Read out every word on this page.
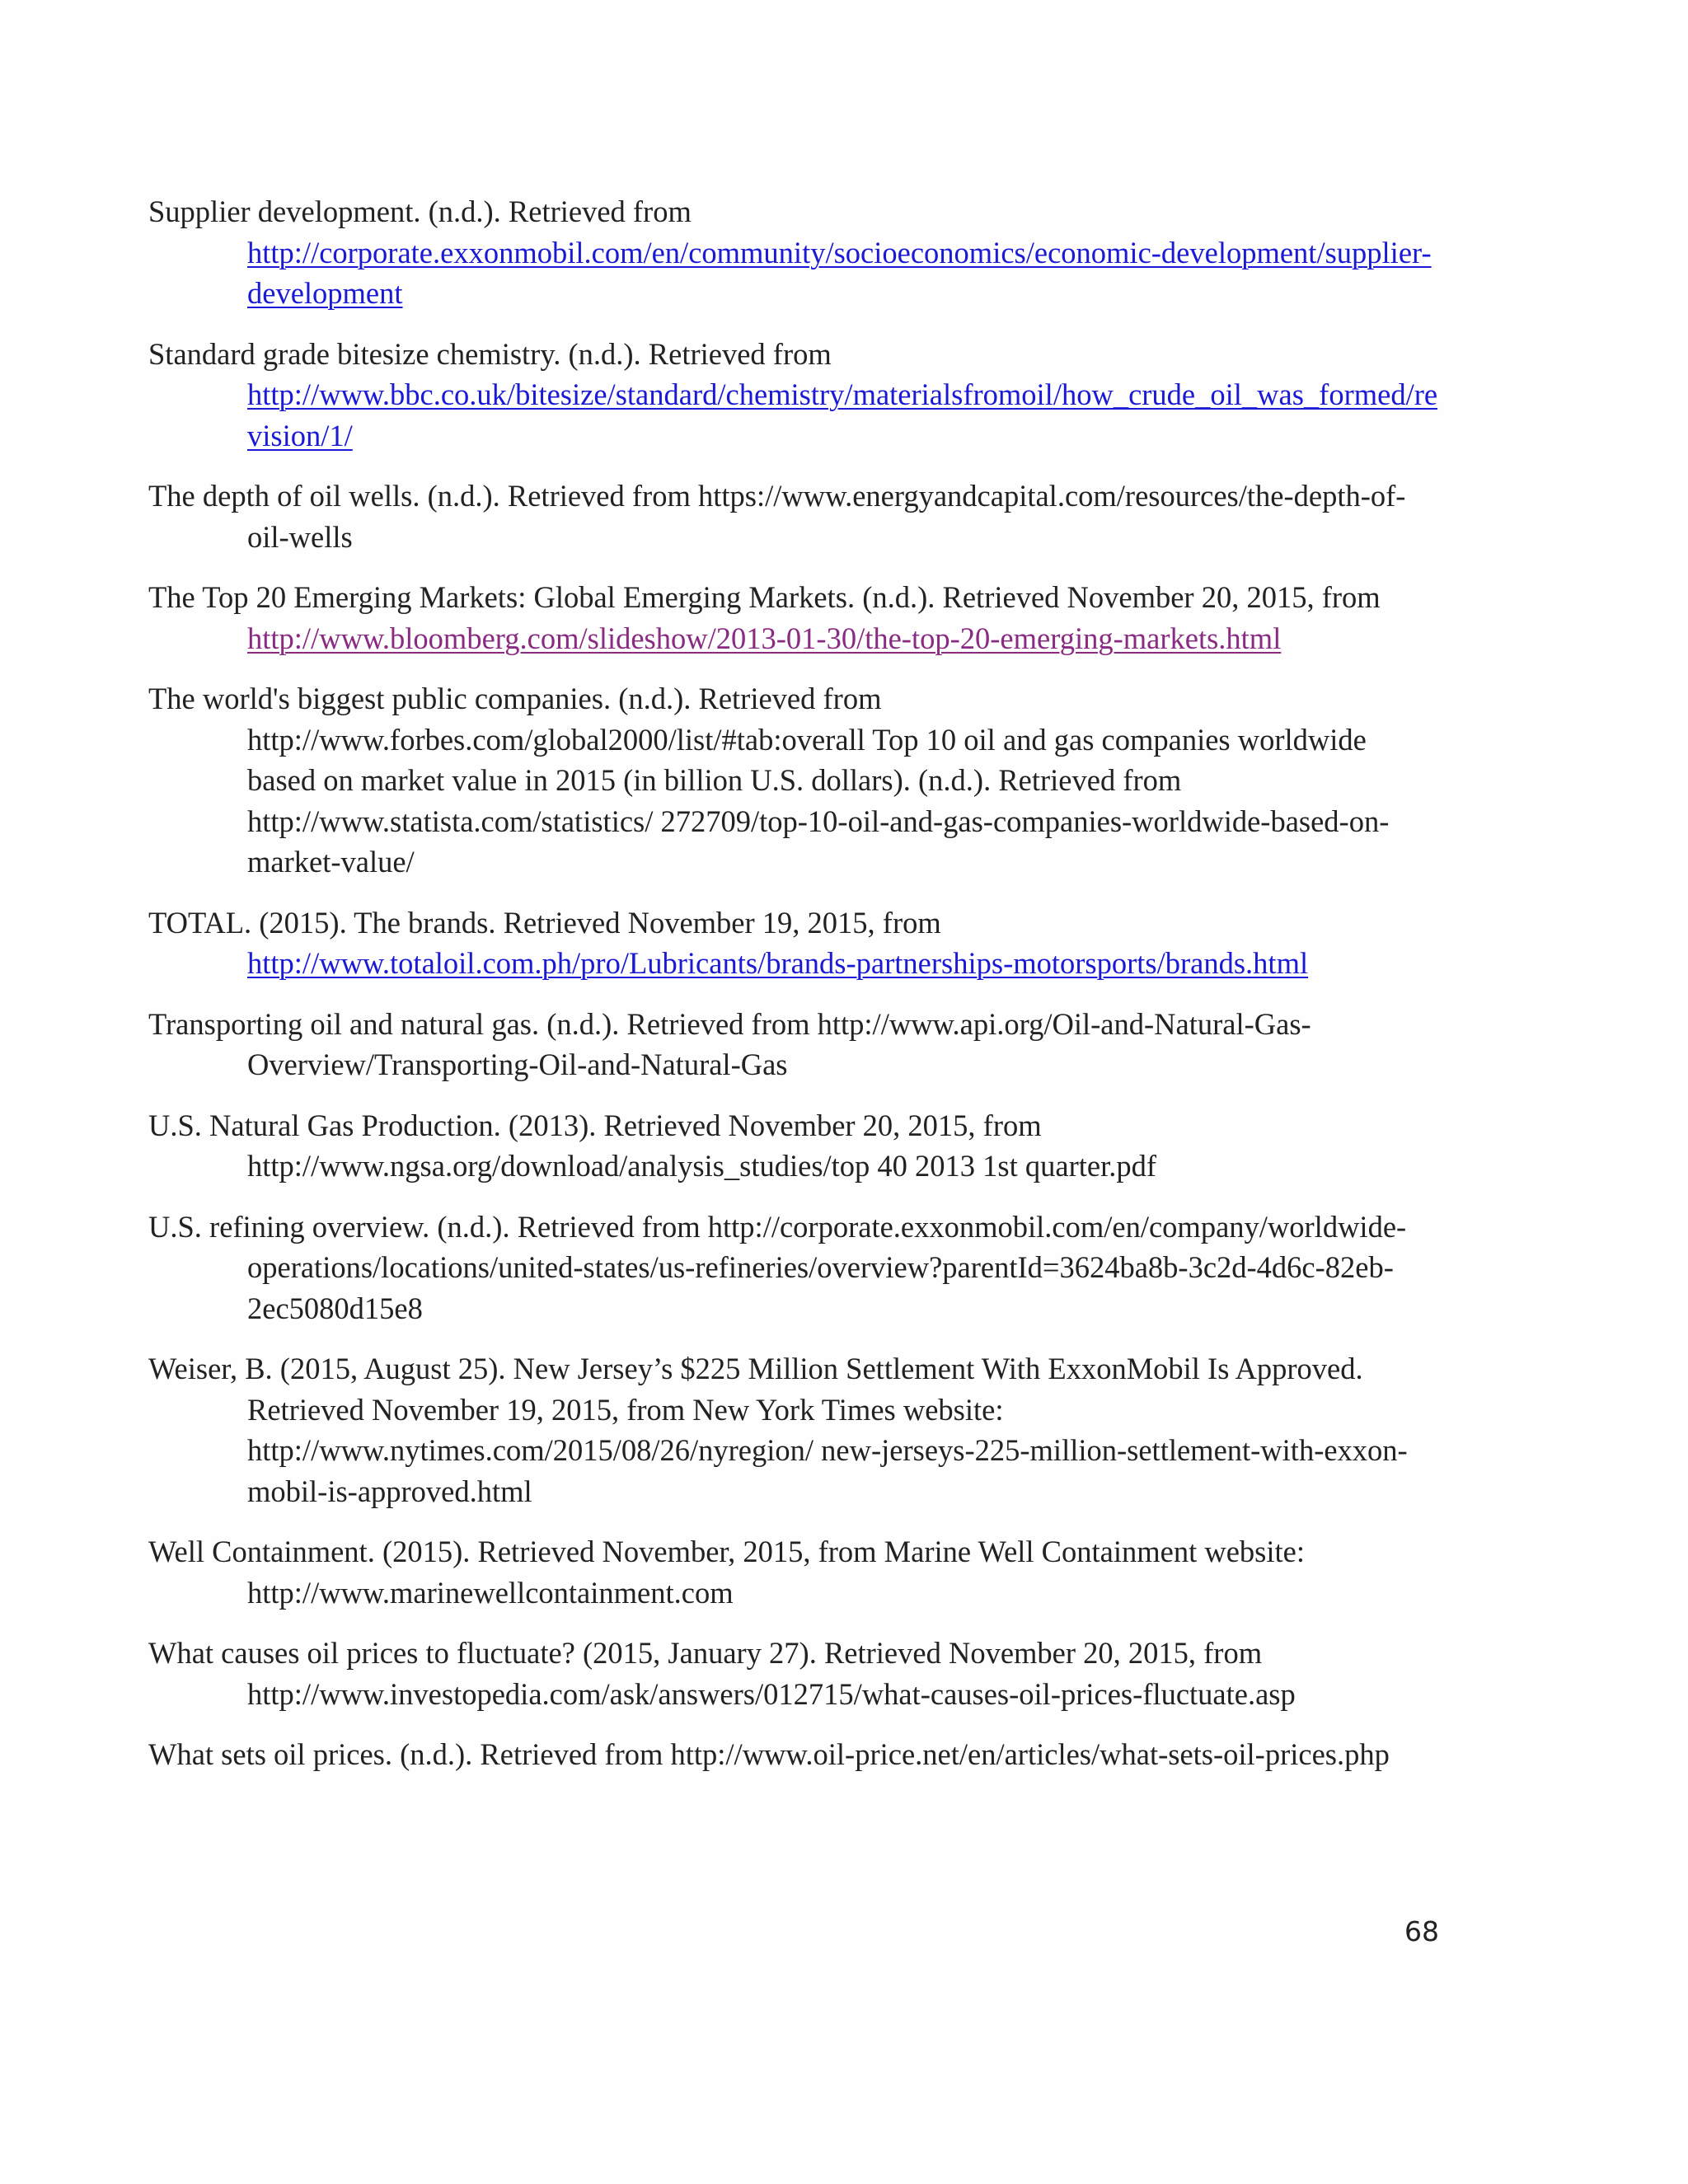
Supplier development. (n.d.). Retrieved from http://corporate.exxonmobil.com/en/community/socioeconomics/economic-development/supplier-development

Standard grade bitesize chemistry. (n.d.). Retrieved from http://www.bbc.co.uk/bitesize/standard/chemistry/materialsfromoil/how_crude_oil_was_formed/revision/1/

The depth of oil wells. (n.d.). Retrieved from https://www.energyandcapital.com/resources/the-depth-of-oil-wells

The Top 20 Emerging Markets: Global Emerging Markets. (n.d.). Retrieved November 20, 2015, from http://www.bloomberg.com/slideshow/2013-01-30/the-top-20-emerging-markets.html

The world's biggest public companies. (n.d.). Retrieved from http://www.forbes.com/global2000/list/#tab:overall Top 10 oil and gas companies worldwide based on market value in 2015 (in billion U.S. dollars). (n.d.). Retrieved from http://www.statista.com/statistics/ 272709/top-10-oil-and-gas-companies-worldwide-based-on-market-value/

TOTAL. (2015). The brands. Retrieved November 19, 2015, from http://www.totaloil.com.ph/pro/Lubricants/brands-partnerships-motorsports/brands.html

Transporting oil and natural gas. (n.d.). Retrieved from http://www.api.org/Oil-and-Natural-Gas-Overview/Transporting-Oil-and-Natural-Gas

U.S. Natural Gas Production. (2013). Retrieved November 20, 2015, from http://www.ngsa.org/download/analysis_studies/top 40 2013 1st quarter.pdf

U.S. refining overview. (n.d.). Retrieved from http://corporate.exxonmobil.com/en/company/worldwide-operations/locations/united-states/us-refineries/overview?parentId=3624ba8b-3c2d-4d6c-82eb-2ec5080d15e8

Weiser, B. (2015, August 25). New Jersey’s $225 Million Settlement With ExxonMobil Is Approved. Retrieved November 19, 2015, from New York Times website: http://www.nytimes.com/2015/08/26/nyregion/ new-jerseys-225-million-settlement-with-exxon-mobil-is-approved.html

Well Containment. (2015). Retrieved November, 2015, from Marine Well Containment website: http://www.marinewellcontainment.com

What causes oil prices to fluctuate? (2015, January 27). Retrieved November 20, 2015, from http://www.investopedia.com/ask/answers/012715/what-causes-oil-prices-fluctuate.asp

What sets oil prices. (n.d.). Retrieved from http://www.oil-price.net/en/articles/what-sets-oil-prices.php

68
